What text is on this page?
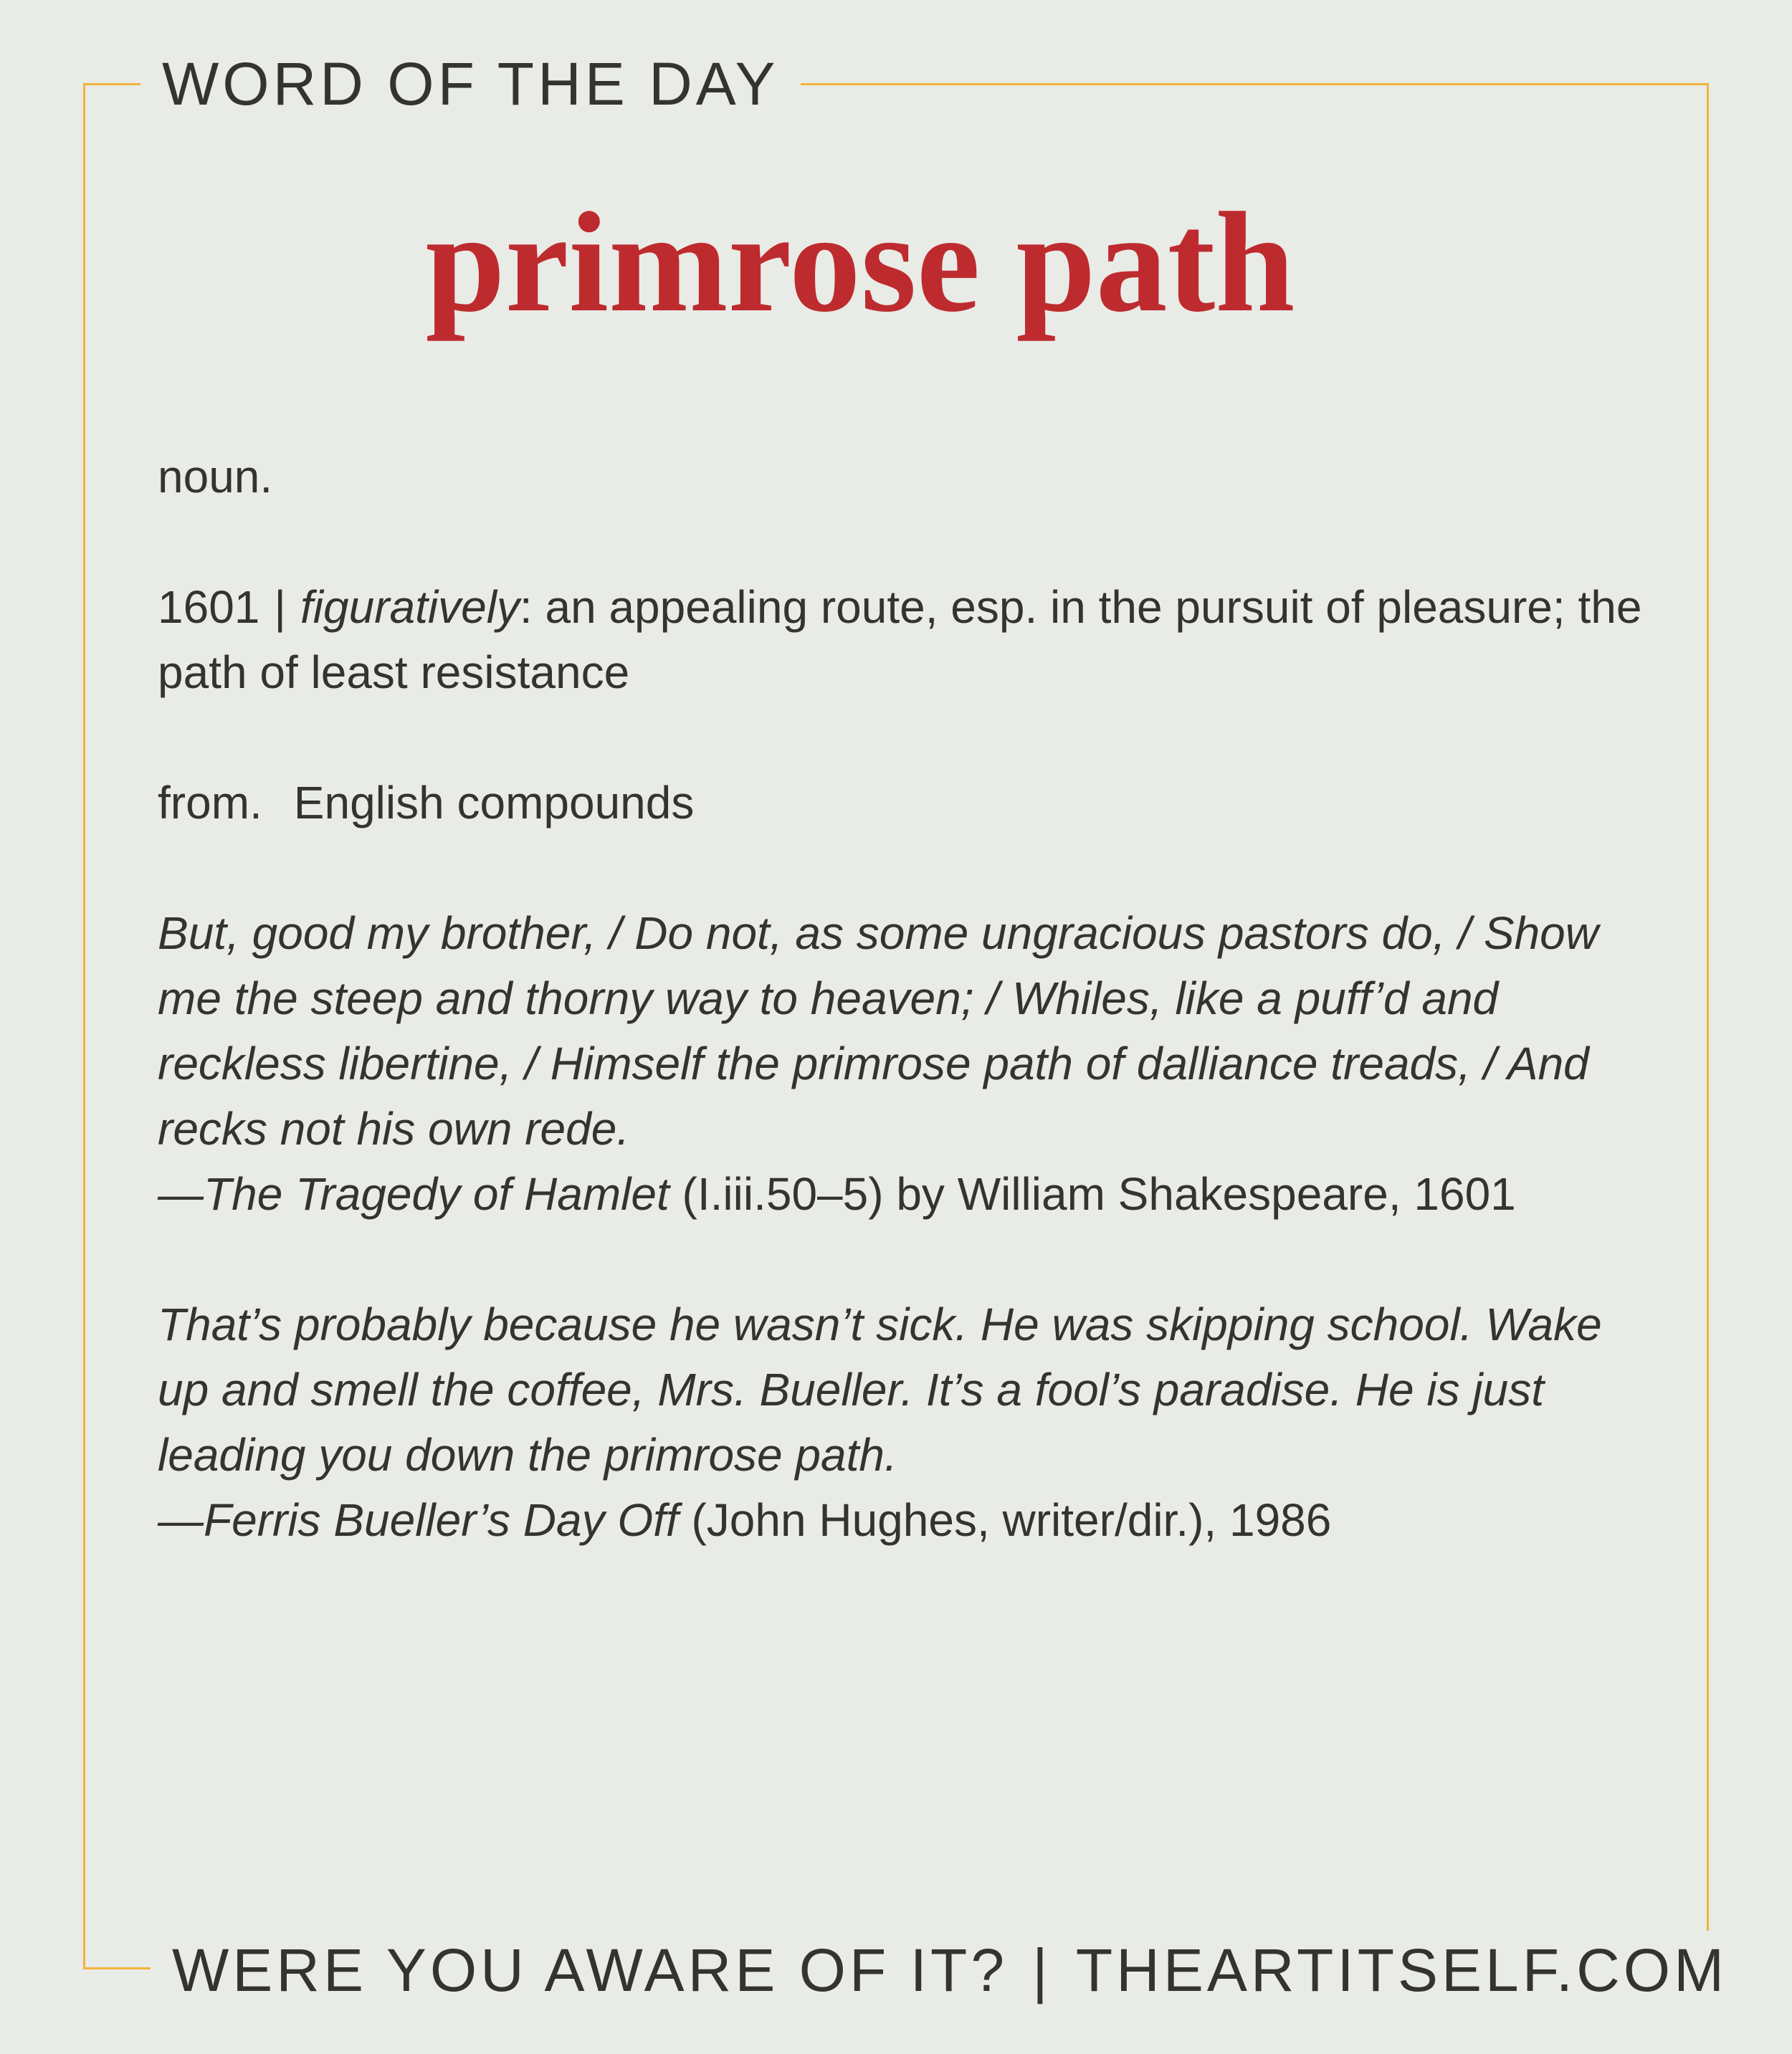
WORD OF THE DAY
primrose path

noun.

1601 | figuratively: an appealing route, esp. in the pursuit of pleasure; the path of least resistance

from. English compounds

But, good my brother, / Do not, as some ungracious pastors do, / Show me the steep and thorny way to heaven; / Whiles, like a puff’d and reckless libertine, / Himself the primrose path of dalliance treads, / And recks not his own rede.

—The Tragedy of Hamlet (I.iii.50–5) by William Shakespeare, 1601

That’s probably because he wasn’t sick. He was skipping school. Wake up and smell the coffee, Mrs. Bueller. It’s a fool’s paradise. He is just leading you down the primrose path.

—Ferris Bueller’s Day Off (John Hughes, writer/dir.), 1986

WERE YOU AWARE OF IT? | THEARTITSELF.COM
